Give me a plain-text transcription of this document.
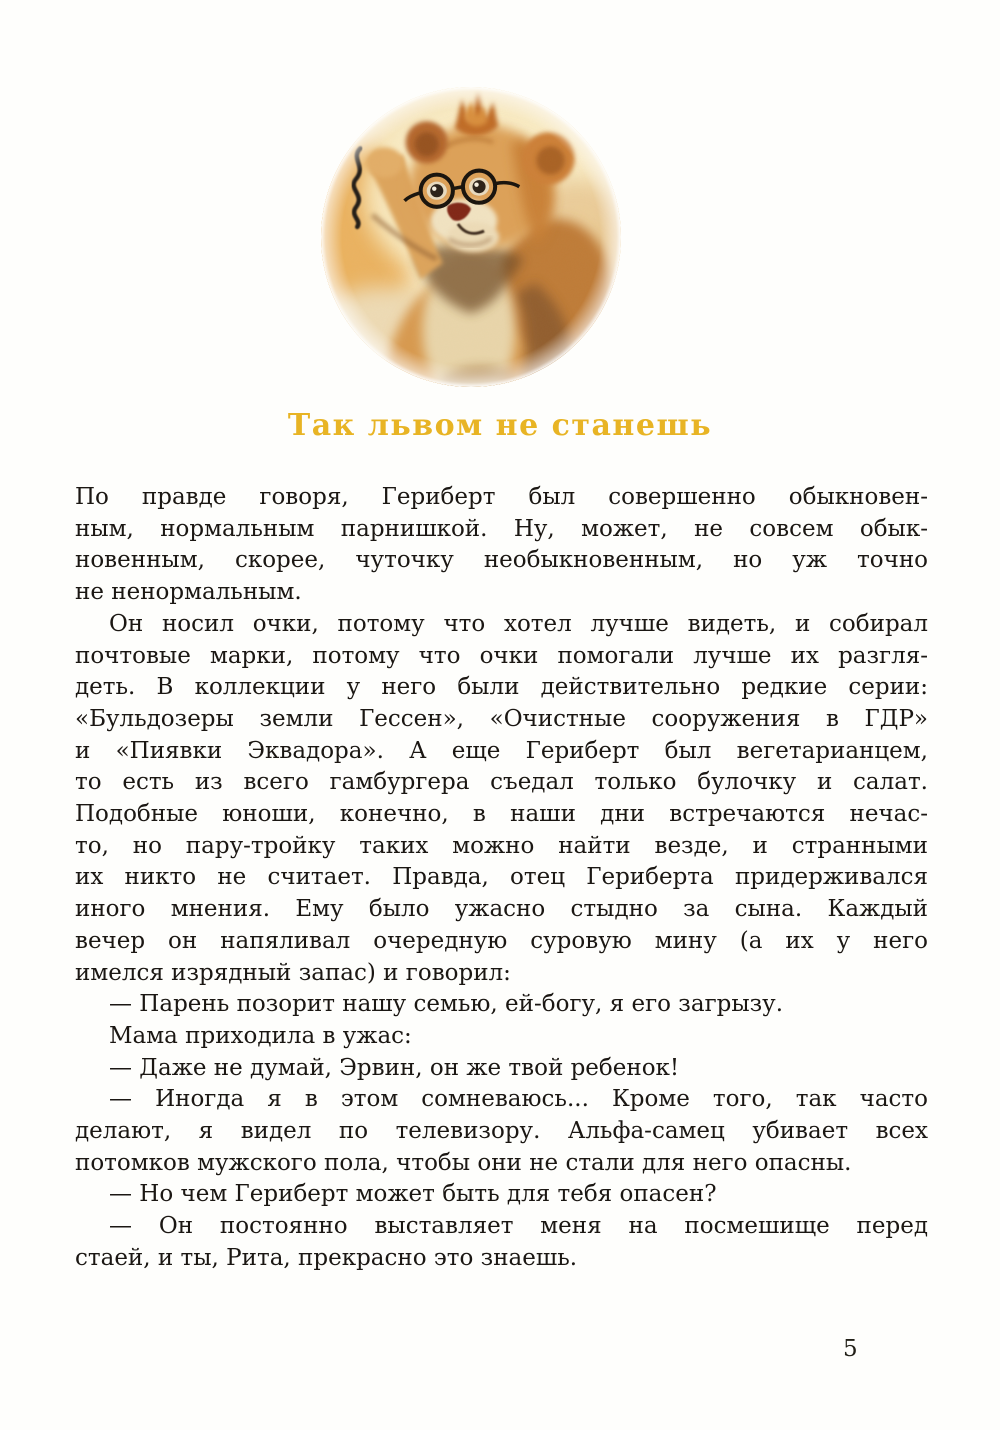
Так львом не станешь
По правде говоря, Гериберт был совершенно обыкновен-
ным, нормальным парнишкой. Ну, может, не совсем обык-
новенным, скорее, чуточку необыкновенным, но уж точно
не ненормальным.
Он носил очки, потому что хотел лучше видеть, и собирал
почтовые марки, потому что очки помогали лучше их разгля-
деть. В коллекции у него были действительно редкие серии:
«Бульдозеры земли Гессен», «Очистные сооружения в ГДР»
и «Пиявки Эквадора». А еще Гериберт был вегетарианцем,
то есть из всего гамбургера съедал только булочку и салат.
Подобные юноши, конечно, в наши дни встречаются нечас-
то, но пару-тройку таких можно найти везде, и странными
их никто не считает. Правда, отец Гериберта придерживался
иного мнения. Ему было ужасно стыдно за сына. Каждый
вечер он напяливал очередную суровую мину (а их у него
имелся изрядный запас) и говорил:
— Парень позорит нашу семью, ей-богу, я его загрызу.
Мама приходила в ужас:
— Даже не думай, Эрвин, он же твой ребенок!
— Иногда я в этом сомневаюсь... Кроме того, так часто
делают, я видел по телевизору. Альфа-самец убивает всех
потомков мужского пола, чтобы они не стали для него опасны.
— Но чем Гериберт может быть для тебя опасен?
— Он постоянно выставляет меня на посмешище перед
стаей, и ты, Рита, прекрасно это знаешь.
5
